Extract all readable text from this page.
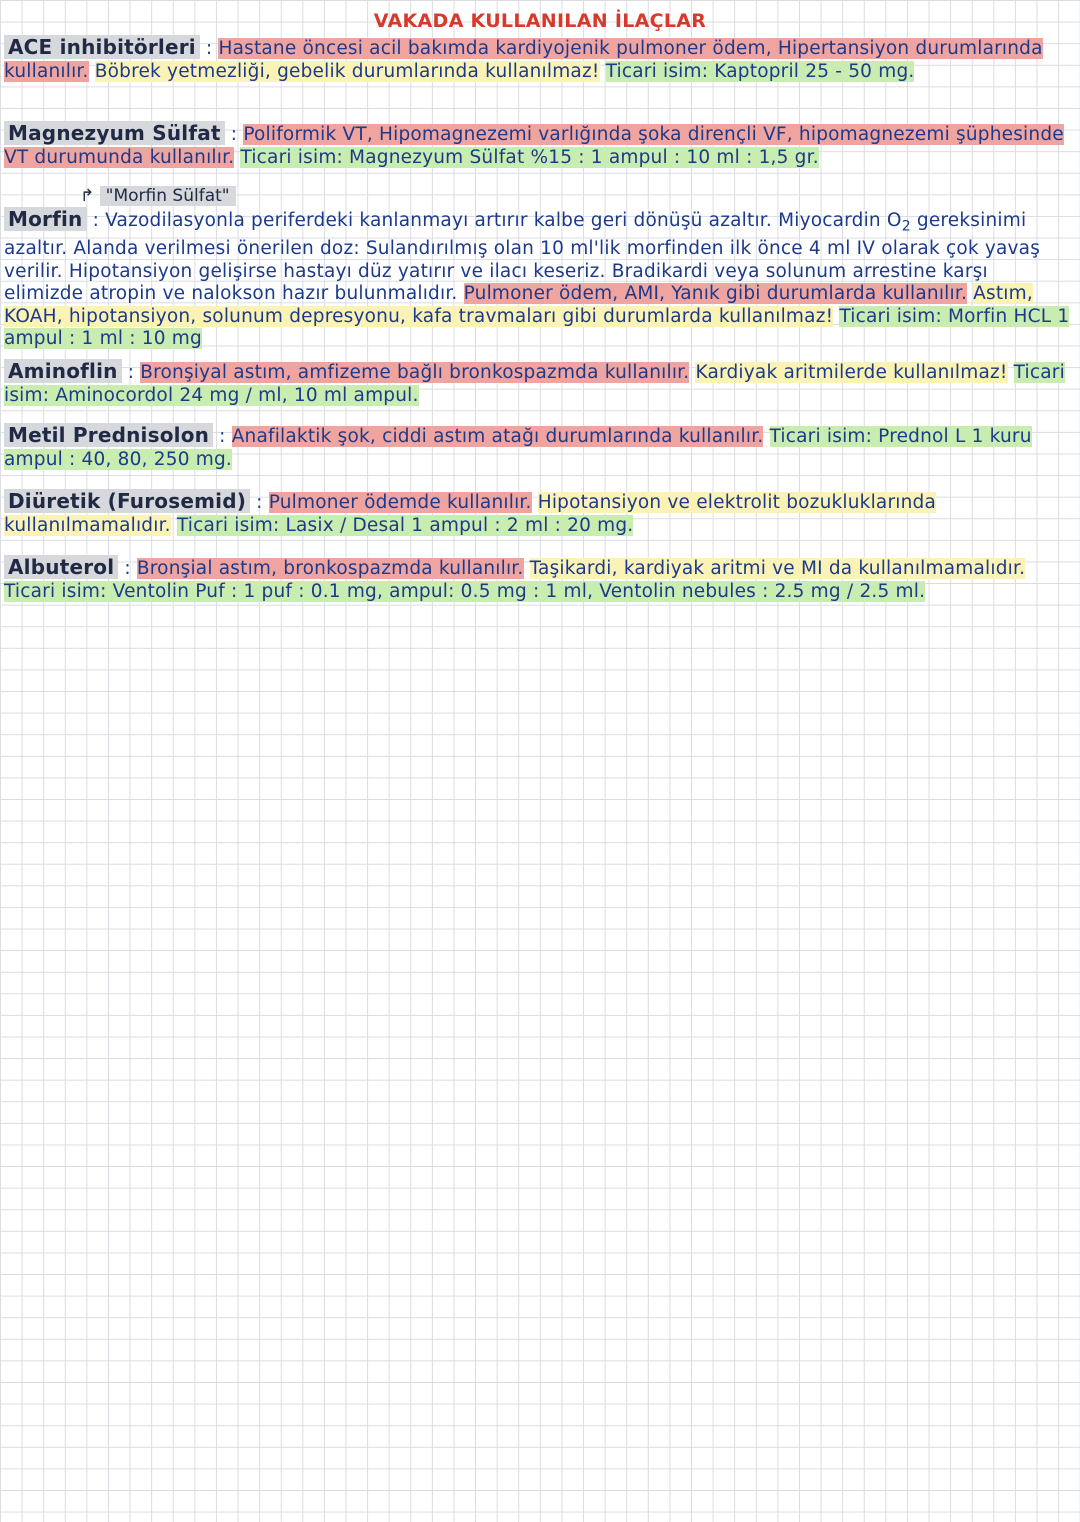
VAKADA KULLANILAN İLAÇLAR
ACE inhibitörleri : Hastane öncesi acil bakımda kardiyojenik pulmoner ödem, Hipertansiyon durumlarında kullanılır. Böbrek yetmezliği, gebelik durumlarında kullanılmaz! Ticari isim: Kaptopril 25 - 50 mg.
Magnezyum Sülfat : Poliformik VT, Hipomagnezemi varlığında şoka dirençli VF, hipomagnezemi şüphesinde VT durumunda kullanılır. Ticari isim: Magnezyum Sülfat %15 : 1 ampul : 10 ml : 1,5 gr.
↱ "Morfin Sülfat"
Morfin : Vazodilasyonla periferdeki kanlanmayı artırır kalbe geri dönüşü azaltır. Miyocardin $O_2$ gereksinimi azaltır. Alanda verilmesi önerilen doz: Sulandırılmış olan 10 ml'lik morfinden ilk önce 4 ml IV olarak çok yavaş verilir. Hipotansiyon gelişirse hastayı düz yatırır ve ilacı keseriz. Bradikardi veya solunum arrestine karşı elimizde atropin ve nalokson hazır bulunmalıdır. Pulmoner ödem, AMI, Yanık gibi durumlarda kullanılır. Astım, KOAH, hipotansiyon, solunum depresyonu, kafa travmaları gibi durumlarda kullanılmaz! Ticari isim: Morfin HCL 1 ampul : 1 ml : 10 mg
Aminoflin : Bronşiyal astım, amfizeme bağlı bronkospazmda kullanılır. Kardiyak aritmilerde kullanılmaz! Ticari isim: Aminocordol 24 mg / ml, 10 ml ampul.
Metil Prednisolon : Anafilaktik şok, ciddi astım atağı durumlarında kullanılır. Ticari isim: Prednol L 1 kuru ampul : 40, 80, 250 mg.
Diüretik (Furosemid) : Pulmoner ödemde kullanılır. Hipotansiyon ve elektrolit bozukluklarında kullanılmamalıdır. Ticari isim: Lasix / Desal 1 ampul : 2 ml : 20 mg.
Albuterol : Bronşial astım, bronkospazmda kullanılır. Taşikardi, kardiyak aritmi ve MI da kullanılmamalıdır. Ticari isim: Ventolin Puf : 1 puf : 0.1 mg, ampul: 0.5 mg : 1 ml, Ventolin nebules : 2.5 mg / 2.5 ml.
